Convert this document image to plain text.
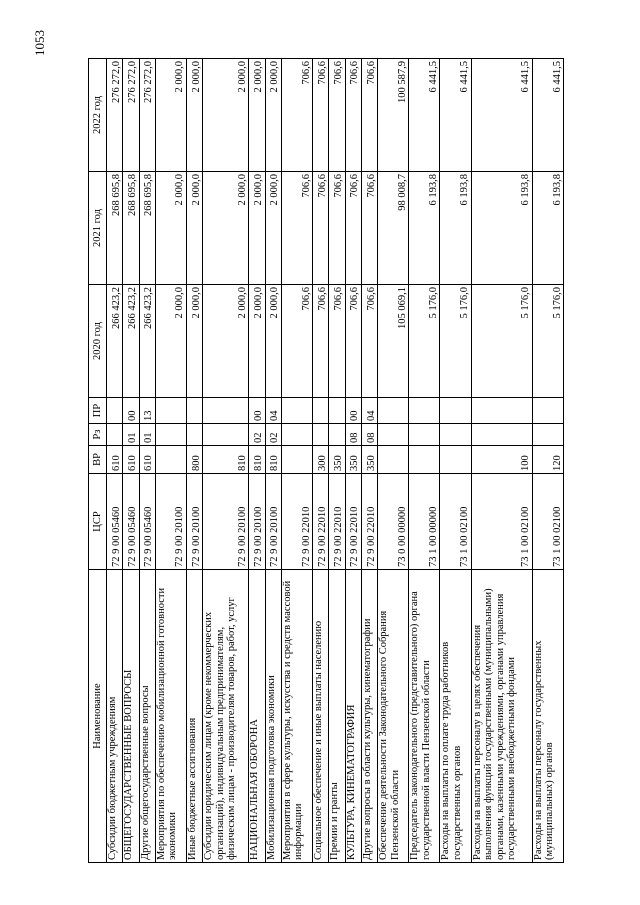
1053
Наименование	ЦСР	ВР	Рз	ПР	2020 год	2021 год	2022 год
Субсидии бюджетным учреждениям	72 9 00 05460	610			266 423,2	268 695,8	276 272,0
ОБЩЕГОСУДАРСТВЕННЫЕ ВОПРОСЫ	72 9 00 05460	610	01	00	266 423,2	268 695,8	276 272,0
Другие общегосударственные вопросы	72 9 00 05460	610	01	13	266 423,2	268 695,8	276 272,0
Мероприятия по обеспечению мобилизационной готовности экономики	72 9 00 20100				2 000,0	2 000,0	2 000,0
Иные бюджетные ассигнования	72 9 00 20100	800			2 000,0	2 000,0	2 000,0
Субсидии юридическим лицам (кроме некоммерческих организаций), индивидуальным предпринимателям, физическим лицам - производителям товаров, работ, услуг	72 9 00 20100	810			2 000,0	2 000,0	2 000,0
НАЦИОНАЛЬНАЯ ОБОРОНА	72 9 00 20100	810	02	00	2 000,0	2 000,0	2 000,0
Мобилизационная подготовка экономики	72 9 00 20100	810	02	04	2 000,0	2 000,0	2 000,0
Мероприятия в сфере культуры, искусства и средств массовой информации	72 9 00 22010				706,6	706,6	706,6
Социальное обеспечение и иные выплаты населению	72 9 00 22010	300			706,6	706,6	706,6
Премии и гранты	72 9 00 22010	350			706,6	706,6	706,6
КУЛЬТУРА, КИНЕМАТОГРАФИЯ	72 9 00 22010	350	08	00	706,6	706,6	706,6
Другие вопросы в области культуры, кинематографии	72 9 00 22010	350	08	04	706,6	706,6	706,6
Обеспечение деятельности Законодательного Собрания Пензенской области	73 0 00 00000				105 069,1	98 008,7	100 587,9
Председатель законодательного (представительного) органа государственной власти Пензенской области	73 1 00 00000				5 176,0	6 193,8	6 441,5
Расходы на выплаты по оплате труда работников государственных органов	73 1 00 02100				5 176,0	6 193,8	6 441,5
Расходы на выплаты персоналу в целях обеспечения выполнения функций государственными (муниципальными) органами, казенными учреждениями, органами управления государственными внебюджетными фондами	73 1 00 02100	100			5 176,0	6 193,8	6 441,5
Расходы на выплаты персоналу государственных (муниципальных) органов	73 1 00 02100	120			5 176,0	6 193,8	6 441,5
